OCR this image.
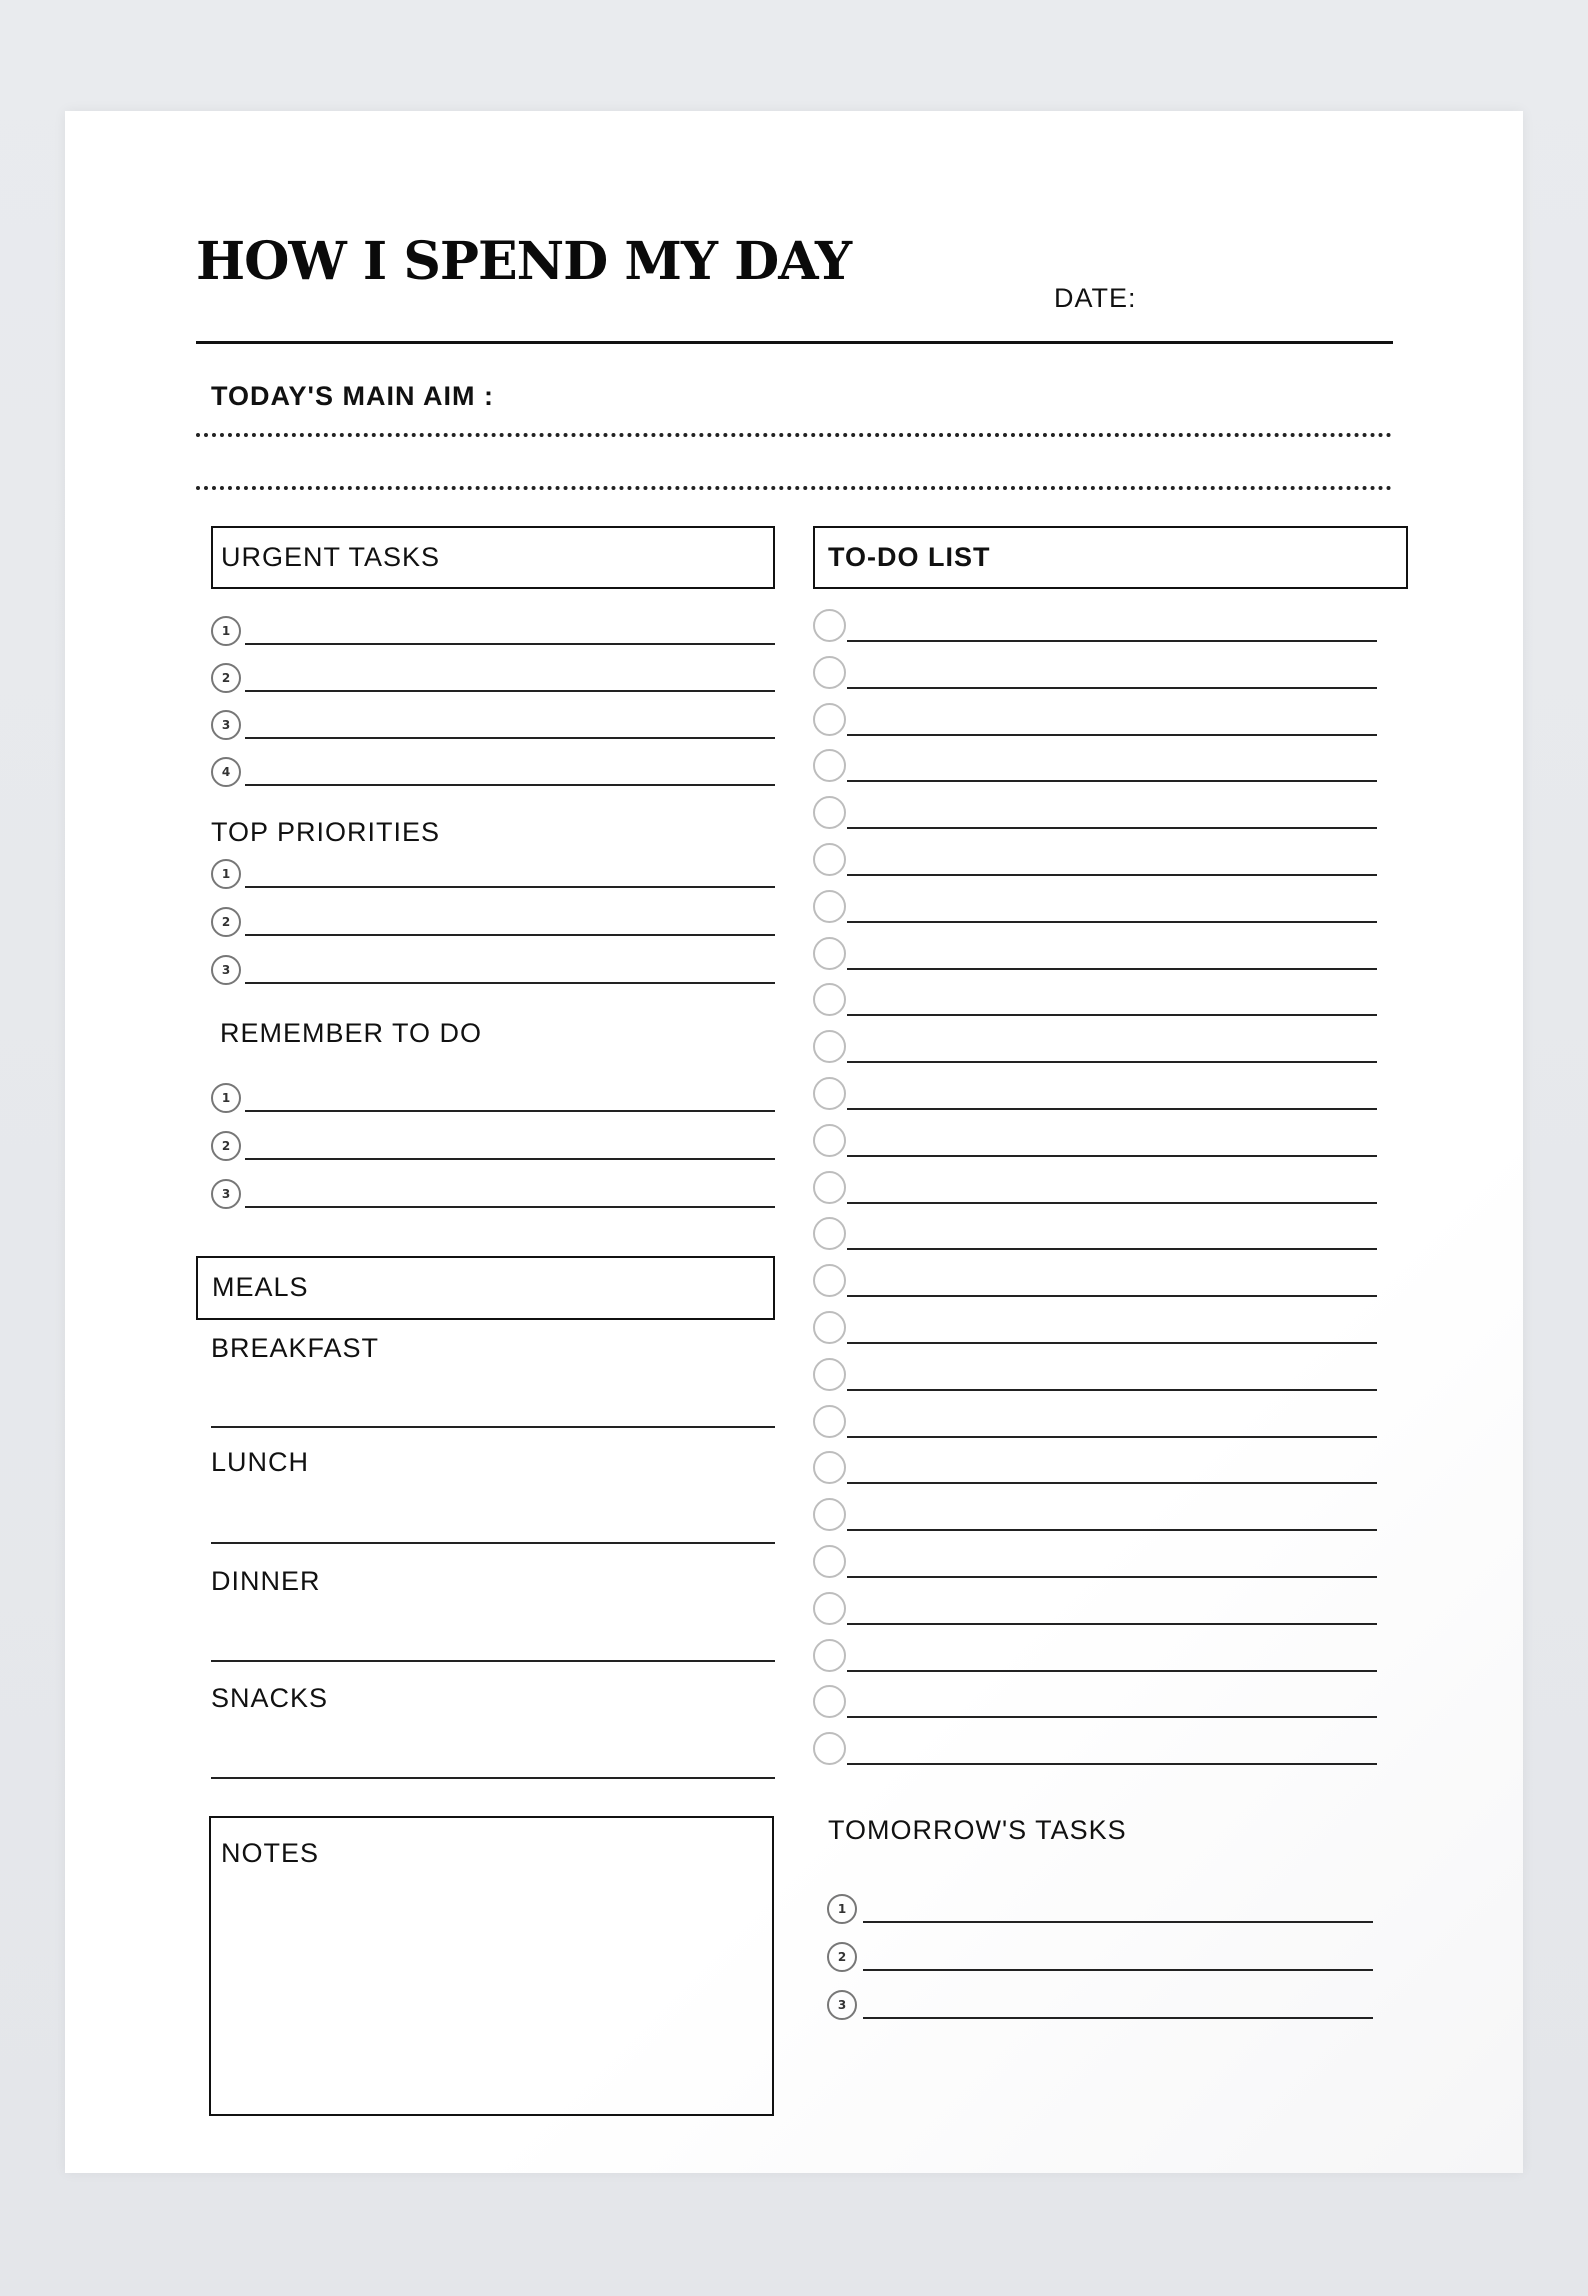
HOW I SPEND MY DAY
DATE:
TODAY'S MAIN AIM :
URGENT TASKS
1
2
3
4
TOP PRIORITIES
1
2
3
REMEMBER TO DO
1
2
3
MEALS
BREAKFAST
LUNCH
DINNER
SNACKS
NOTES
TO-DO LIST
TOMORROW'S TASKS
1
2
3
